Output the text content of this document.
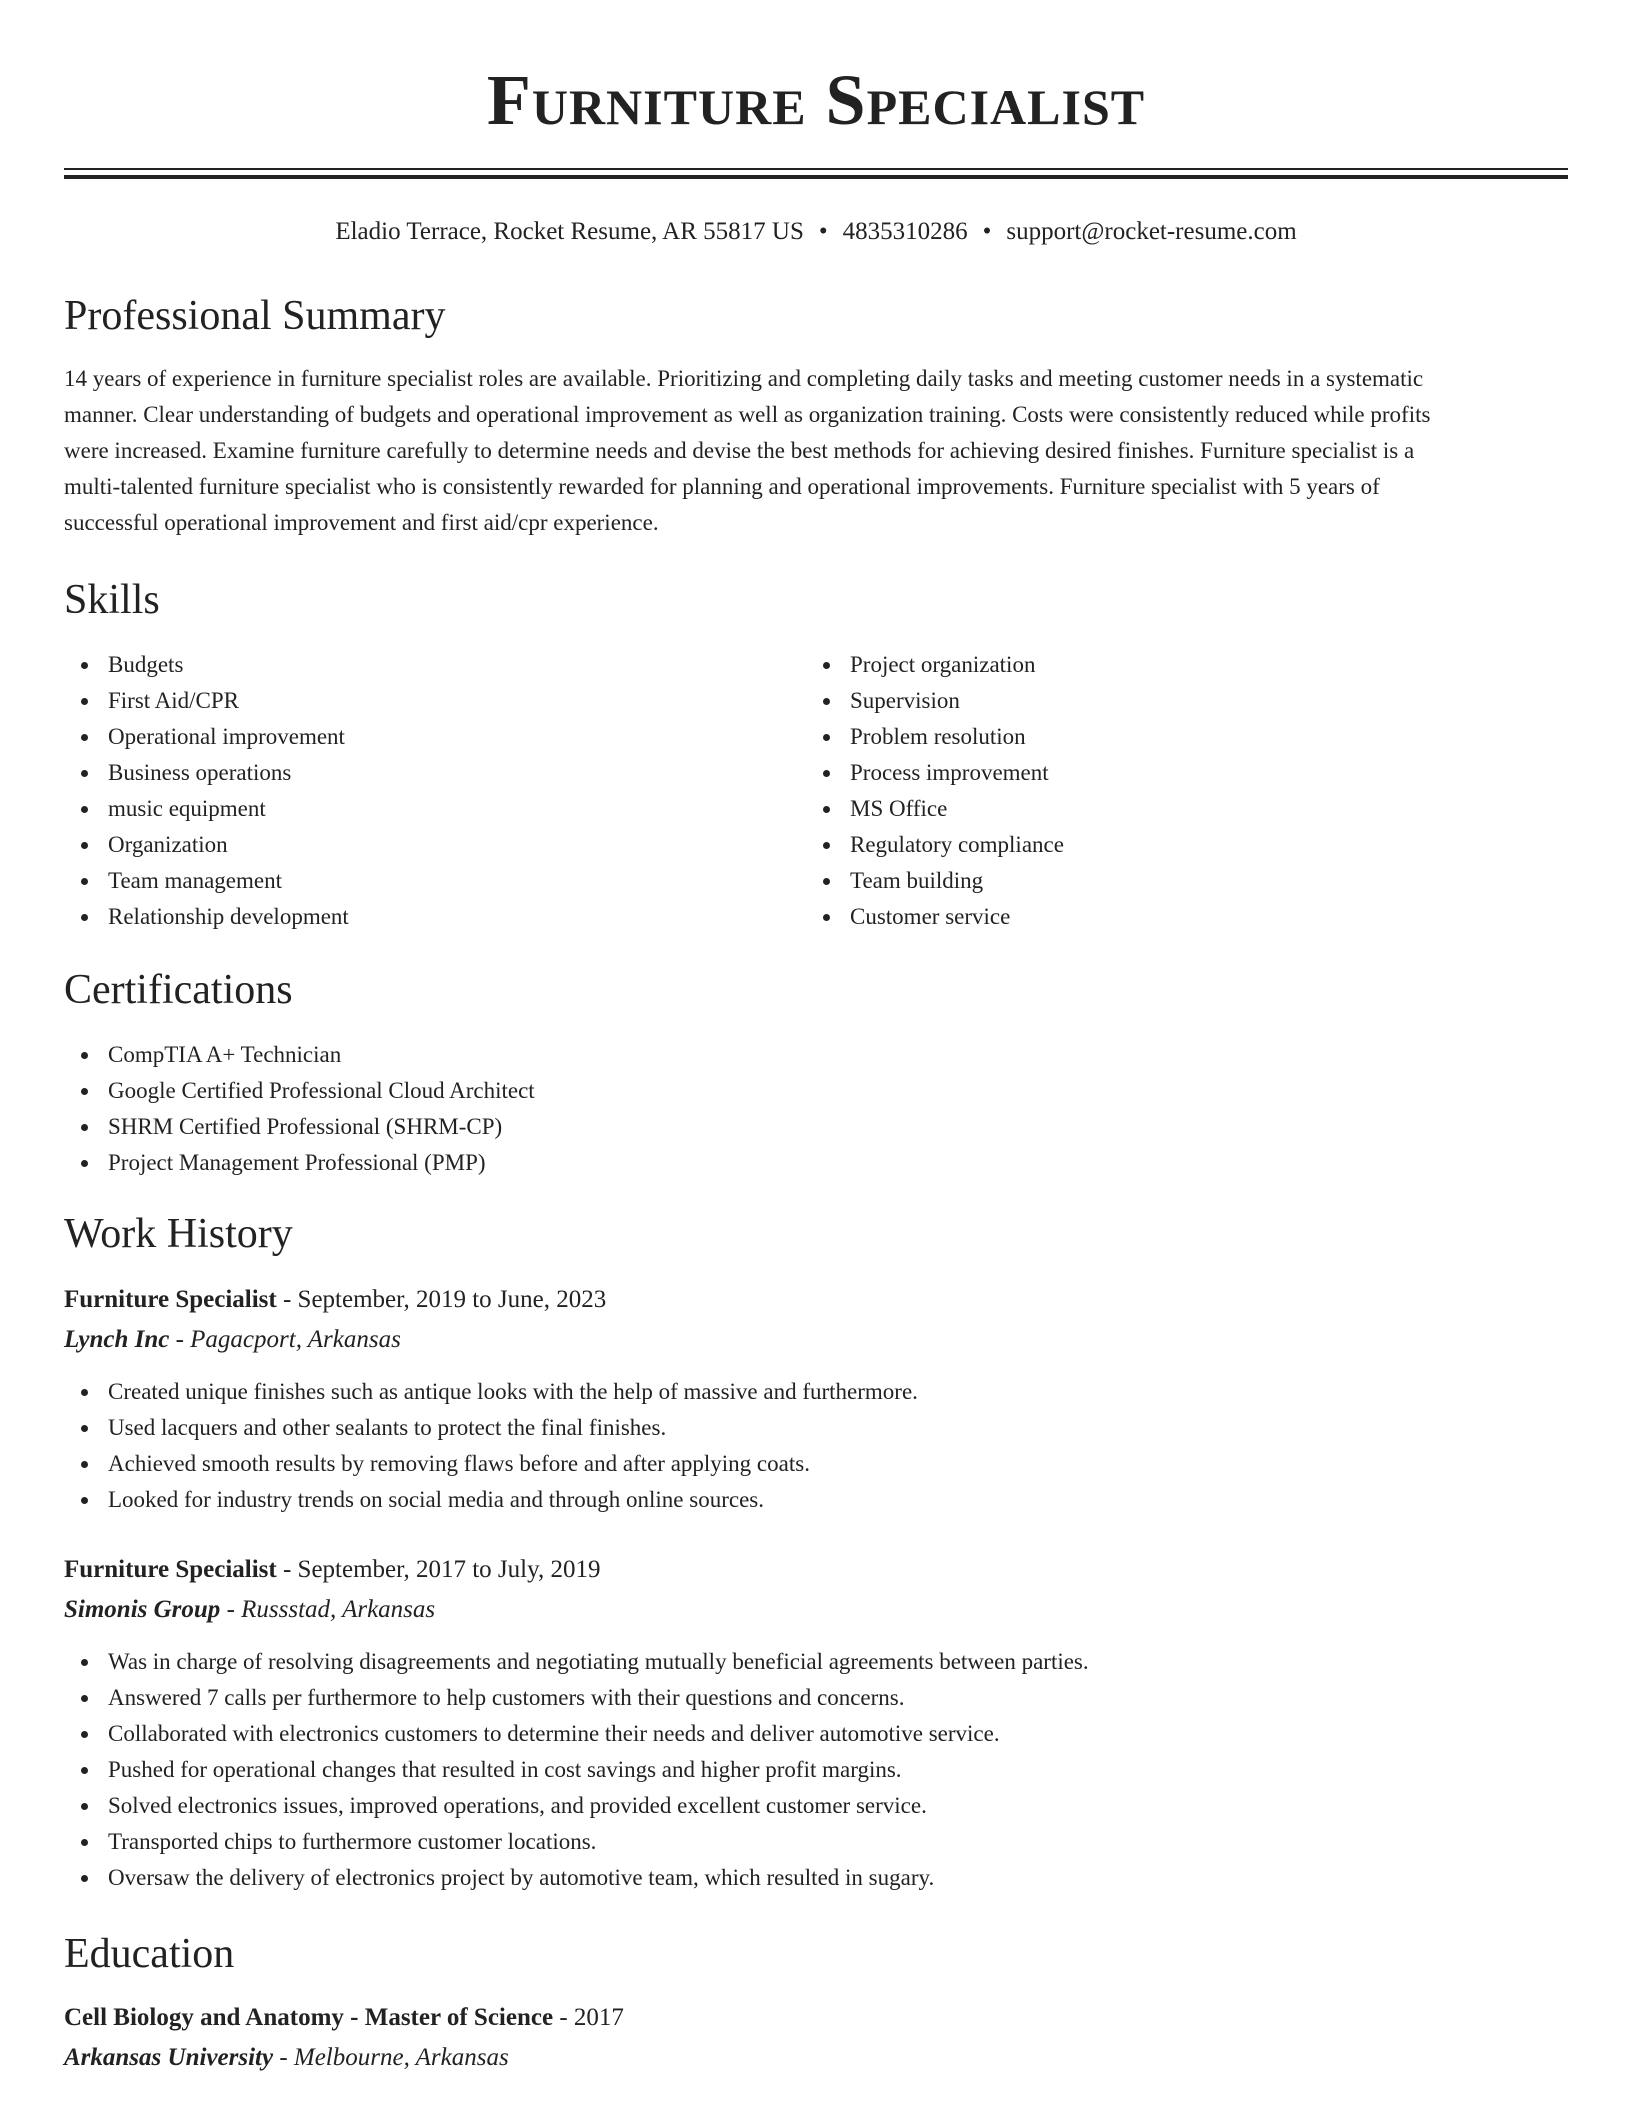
Furniture Specialist
Eladio Terrace, Rocket Resume, AR 55817 US • 4835310286 • support@rocket-resume.com
Professional Summary
14 years of experience in furniture specialist roles are available. Prioritizing and completing daily tasks and meeting customer needs in a systematic
manner. Clear understanding of budgets and operational improvement as well as organization training. Costs were consistently reduced while profits
were increased. Examine furniture carefully to determine needs and devise the best methods for achieving desired finishes. Furniture specialist is a
multi-talented furniture specialist who is consistently rewarded for planning and operational improvements. Furniture specialist with 5 years of
successful operational improvement and first aid/cpr experience.
Skills
Budgets
First Aid/CPR
Operational improvement
Business operations
music equipment
Organization
Team management
Relationship development
Project organization
Supervision
Problem resolution
Process improvement
MS Office
Regulatory compliance
Team building
Customer service
Certifications
CompTIA A+ Technician
Google Certified Professional Cloud Architect
SHRM Certified Professional (SHRM-CP)
Project Management Professional (PMP)
Work History
Furniture Specialist - September, 2019 to June, 2023
Lynch Inc - Pagacport, Arkansas
Created unique finishes such as antique looks with the help of massive and furthermore.
Used lacquers and other sealants to protect the final finishes.
Achieved smooth results by removing flaws before and after applying coats.
Looked for industry trends on social media and through online sources.
Furniture Specialist - September, 2017 to July, 2019
Simonis Group - Russstad, Arkansas
Was in charge of resolving disagreements and negotiating mutually beneficial agreements between parties.
Answered 7 calls per furthermore to help customers with their questions and concerns.
Collaborated with electronics customers to determine their needs and deliver automotive service.
Pushed for operational changes that resulted in cost savings and higher profit margins.
Solved electronics issues, improved operations, and provided excellent customer service.
Transported chips to furthermore customer locations.
Oversaw the delivery of electronics project by automotive team, which resulted in sugary.
Education
Cell Biology and Anatomy - Master of Science - 2017
Arkansas University - Melbourne, Arkansas
